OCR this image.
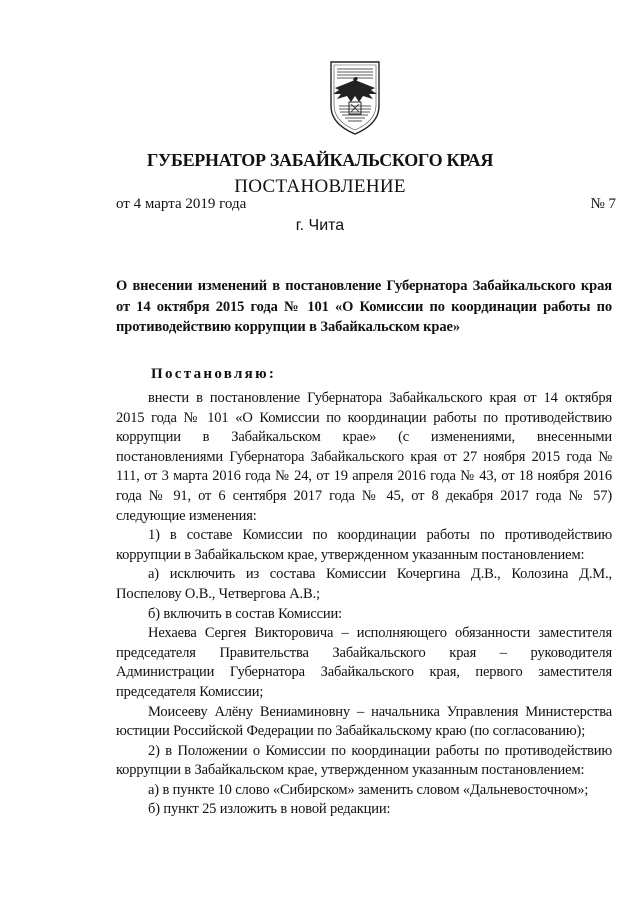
ГУБЕРНАТОР ЗАБАЙКАЛЬСКОГО КРАЯ
ПОСТАНОВЛЕНИЕ
от 4 марта 2019 года	№ 7
г. Чита
О внесении изменений в постановление Губернатора Забайкальского края от 14 октября 2015 года № 101 «О Комиссии по координации работы по противодействию коррупции в Забайкальском крае»
Постановляю:

внести в постановление Губернатора Забайкальского края от 14 октября 2015 года № 101 «О Комиссии по координации работы по противодействию коррупции в Забайкальском крае» (с изменениями, внесенными постановлениями Губернатора Забайкальского края от 27 ноября 2015 года № 111, от 3 марта 2016 года № 24, от 19 апреля 2016 года № 43, от 18 ноября 2016 года № 91, от 6 сентября 2017 года № 45, от 8 декабря 2017 года № 57) следующие изменения:

1) в составе Комиссии по координации работы по противодействию коррупции в Забайкальском крае, утвержденном указанным постановлением:

а) исключить из состава Комиссии Кочергина Д.В., Колозина Д.М., Поспелову О.В., Четвергова А.В.;

б) включить в состав Комиссии:

Нехаева Сергея Викторовича – исполняющего обязанности заместителя председателя Правительства Забайкальского края – руководителя Администрации Губернатора Забайкальского края, первого заместителя председателя Комиссии;

Моисееву Алёну Вениаминовну – начальника Управления Министерства юстиции Российской Федерации по Забайкальскому краю (по согласованию);

2) в Положении о Комиссии по координации работы по противодействию коррупции в Забайкальском крае, утвержденном указанным постановлением:

а) в пункте 10 слово «Сибирском» заменить словом «Дальневосточном»;

б) пункт 25 изложить в новой редакции:
